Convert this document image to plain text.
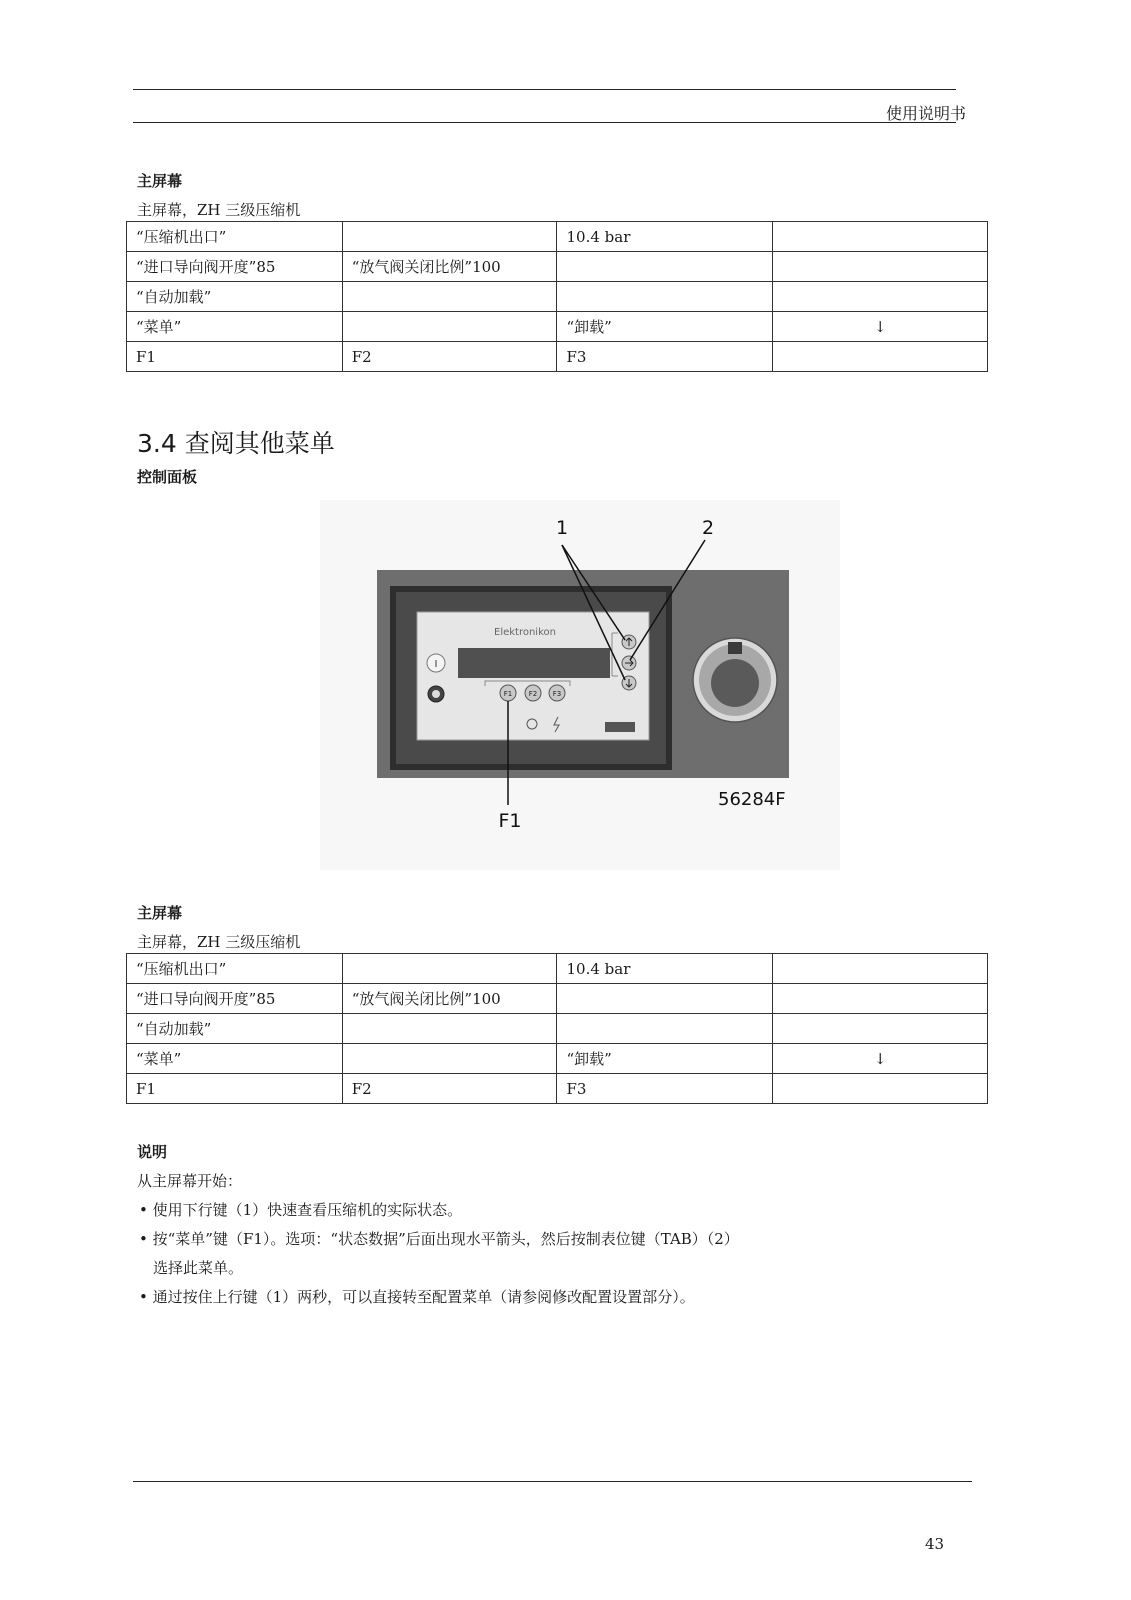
使用说明书
主屏幕
主屏幕，ZH 三级压缩机
“压缩机出口”		10.4 bar	
“进口导向阀开度”85	“放气阀关闭比例”100		
“自动加载”			
“菜单”		“卸载”	↓
F1	F2	F3	
3.4 查阅其他菜单
控制面板
Elektronikon
I
F1 F2 F3
1	2
F1
56284F
主屏幕
主屏幕，ZH 三级压缩机
“压缩机出口”		10.4 bar	
“进口导向阀开度”85	“放气阀关闭比例”100		
“自动加载”			
“菜单”		“卸载”	↓
F1	F2	F3	
说明
从主屏幕开始：
• 使用下行键（1）快速查看压缩机的实际状态。
• 按“菜单”键（F1）。选项：“状态数据”后面出现水平箭头，然后按制表位键（TAB）（2）
选择此菜单。
• 通过按住上行键（1）两秒，可以直接转至配置菜单（请参阅修改配置设置部分）。
43
